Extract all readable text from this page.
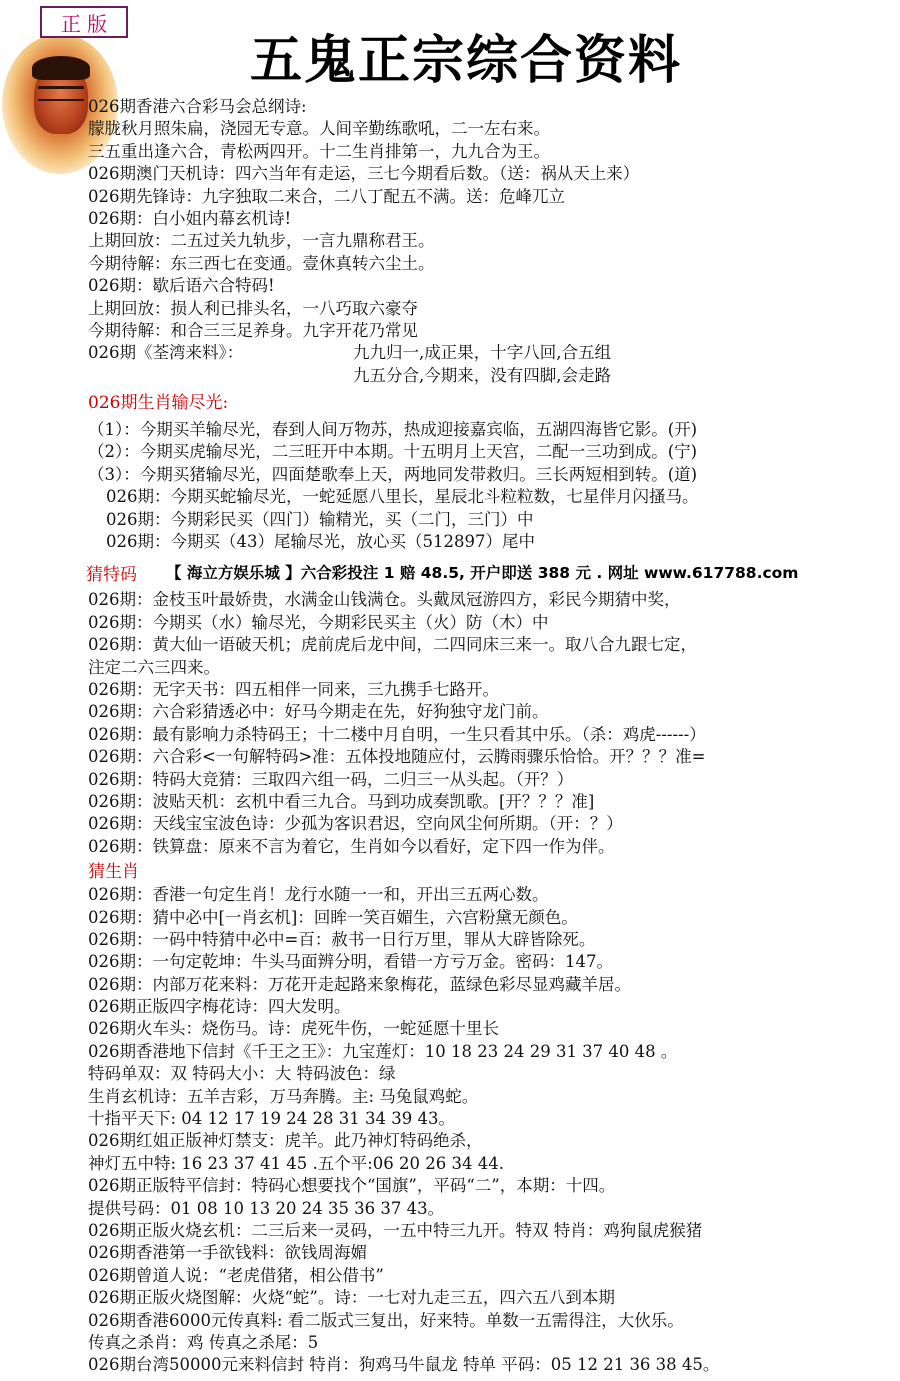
正 版
五鬼正宗综合资料
026期香港六合彩马会总纲诗:
朦胧秋月照朱扁，浇园无专意。人间辛勤练歌吼，二一左右来。
三五重出逢六合，青松两四开。十二生肖排第一，九九合为王。
026期澳门天机诗：四六当年有走运，三七今期看后数。（送：祸从天上来）
026期先锋诗：九字独取二来合，二八丁配五不满。送：危峰兀立
026期：白小姐内幕玄机诗!
上期回放：二五过关九轨步，一言九鼎称君王。
今期待解：东三西七在变通。壹休真转六尘土。
026期：歇后语六合特码!
上期回放：损人利已排头名，一八巧取六豪夺
今期待解：和合三三足养身。九字开花乃常见
026期《荃湾来料》：	九九归一,成正果，十字八回,合五组
九五分合,今期来，没有四脚,会走路
026期生肖输尽光:
（1）：今期买羊输尽光，春到人间万物苏，热成迎接嘉宾临，五湖四海皆它影。(开)
（2）：今期买虎输尽光，二三旺开中本期。十五明月上天宫，二配一三功到成。(宁)
（3）：今期买猪输尽光，四面楚歌奉上天，两地同发带救归。三长两短相到转。(道)
026期：今期买蛇输尽光，一蛇延愿八里长，星辰北斗粒粒数，七星伴月闪搔马。
026期：今期彩民买（四门）输精光，买（二门，三门）中
026期：今期买（43）尾输尽光，放心买（512897）尾中
猜特码	【 海立方娱乐城 】六合彩投注 1 赔 48.5, 开户即送 388 元 . 网址 www.617788.com
026期：金枝玉叶最娇贵，水满金山钱满仓。头戴凤冠游四方，彩民今期猜中奖，
026期：今期买（水）输尽光，今期彩民买主（火）防（木）中
026期：黄大仙一语破天机；虎前虎后龙中间，二四同床三来一。取八合九跟七定，
注定二六三四来。
026期：无字天书：四五相伴一同来，三九携手七路开。
026期：六合彩猜透必中：好马今期走在先，好狗独守龙门前。
026期：最有影响力杀特码王；十二楼中月自明，一生只看其中乐。（杀：鸡虎------）
026期：六合彩<一句解特码>准：五体投地随应付，云腾雨骤乐恰恰。开？？？准=
026期：特码大竞猜：三取四六组一码，二归三一从头起。（开？）
026期：波贴天机：玄机中看三九合。马到功成奏凯歌。[开？？？准]
026期：天线宝宝波色诗：少孤为客识君迟，空向风尘何所期。（开：？）
026期：铁算盘：原来不言为着它，生肖如今以看好，定下四一作为伴。
猜生肖
026期：香港一句定生肖！龙行水随一一和，开出三五两心数。
026期：猜中必中[一肖玄机]：回眸一笑百媚生，六宫粉黛无颜色。
026期：一码中特猜中必中=百：赦书一日行万里，罪从大辟皆除死。
026期：一句定乾坤：牛头马面辨分明，看错一方亏万金。密码：147。
026期：内部万花来料：万花开走起路来象梅花，蓝绿色彩尽显鸡藏羊居。
026期正版四字梅花诗：四大发明。
026期火车头：烧伤马。诗：虎死牛伤，一蛇延愿十里长
026期香港地下信封《千王之王》：九宝莲灯：10 18 23 24 29 31 37 40 48 。
特码单双：双 特码大小：大 特码波色：绿
生肖玄机诗：五羊吉彩，万马奔腾。主: 马兔鼠鸡蛇。
十指平天下: 04 12 17 19 24 28 31 34 39 43。
026期红姐正版神灯禁支：虎羊。此乃神灯特码绝杀，
神灯五中特: 16 23 37 41 45 .五个平:06 20 26 34 44.
026期正版特平信封：特码心想要找个“国旗”，平码“二”，本期：十四。
提供号码：01 08 10 13 20 24 35 36 37 43。
026期正版火烧玄机：二三后来一灵码，一五中特三九开。特双 特肖：鸡狗鼠虎猴猪
026期香港第一手欲钱料：欲钱周海媚
026期曾道人说：“老虎借猪，相公借书”
026期正版火烧图解：火烧“蛇”。诗：一七对九走三五，四六五八到本期
026期香港6000元传真料: 看二版式三复出，好来特。单数一五需得注，大伙乐。
传真之杀肖：鸡 传真之杀尾：5
026期台湾50000元来料信封 特肖：狗鸡马牛鼠龙 特单 平码：05 12 21 36 38 45。
